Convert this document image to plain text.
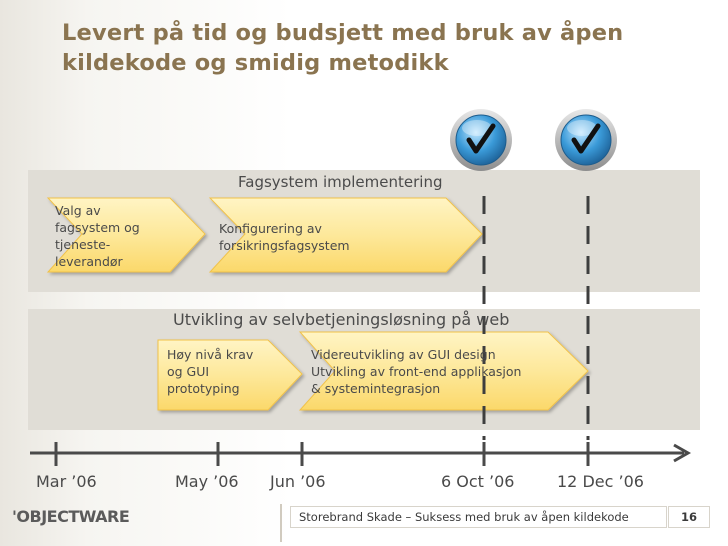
Levert på tid og budsjett med bruk av åpen
kildekode og smidig metodikk
Fagsystem implementering
Utvikling av selvbetjeningsløsning på web
Valg av
fagsystem og
tjeneste-
leverandør
Konfigurering av
forsikringsfagsystem
Høy nivå krav
og GUI
prototyping
Videreutvikling av GUI design
Utvikling av front-end applikasjon
& systemintegrasjon
Mar ’06	May ’06 Jun ’06	6 Oct ’06	12 Dec ’06
'OBJECTWARE	Storebrand Skade – Suksess med bruk av åpen kildekode	16
